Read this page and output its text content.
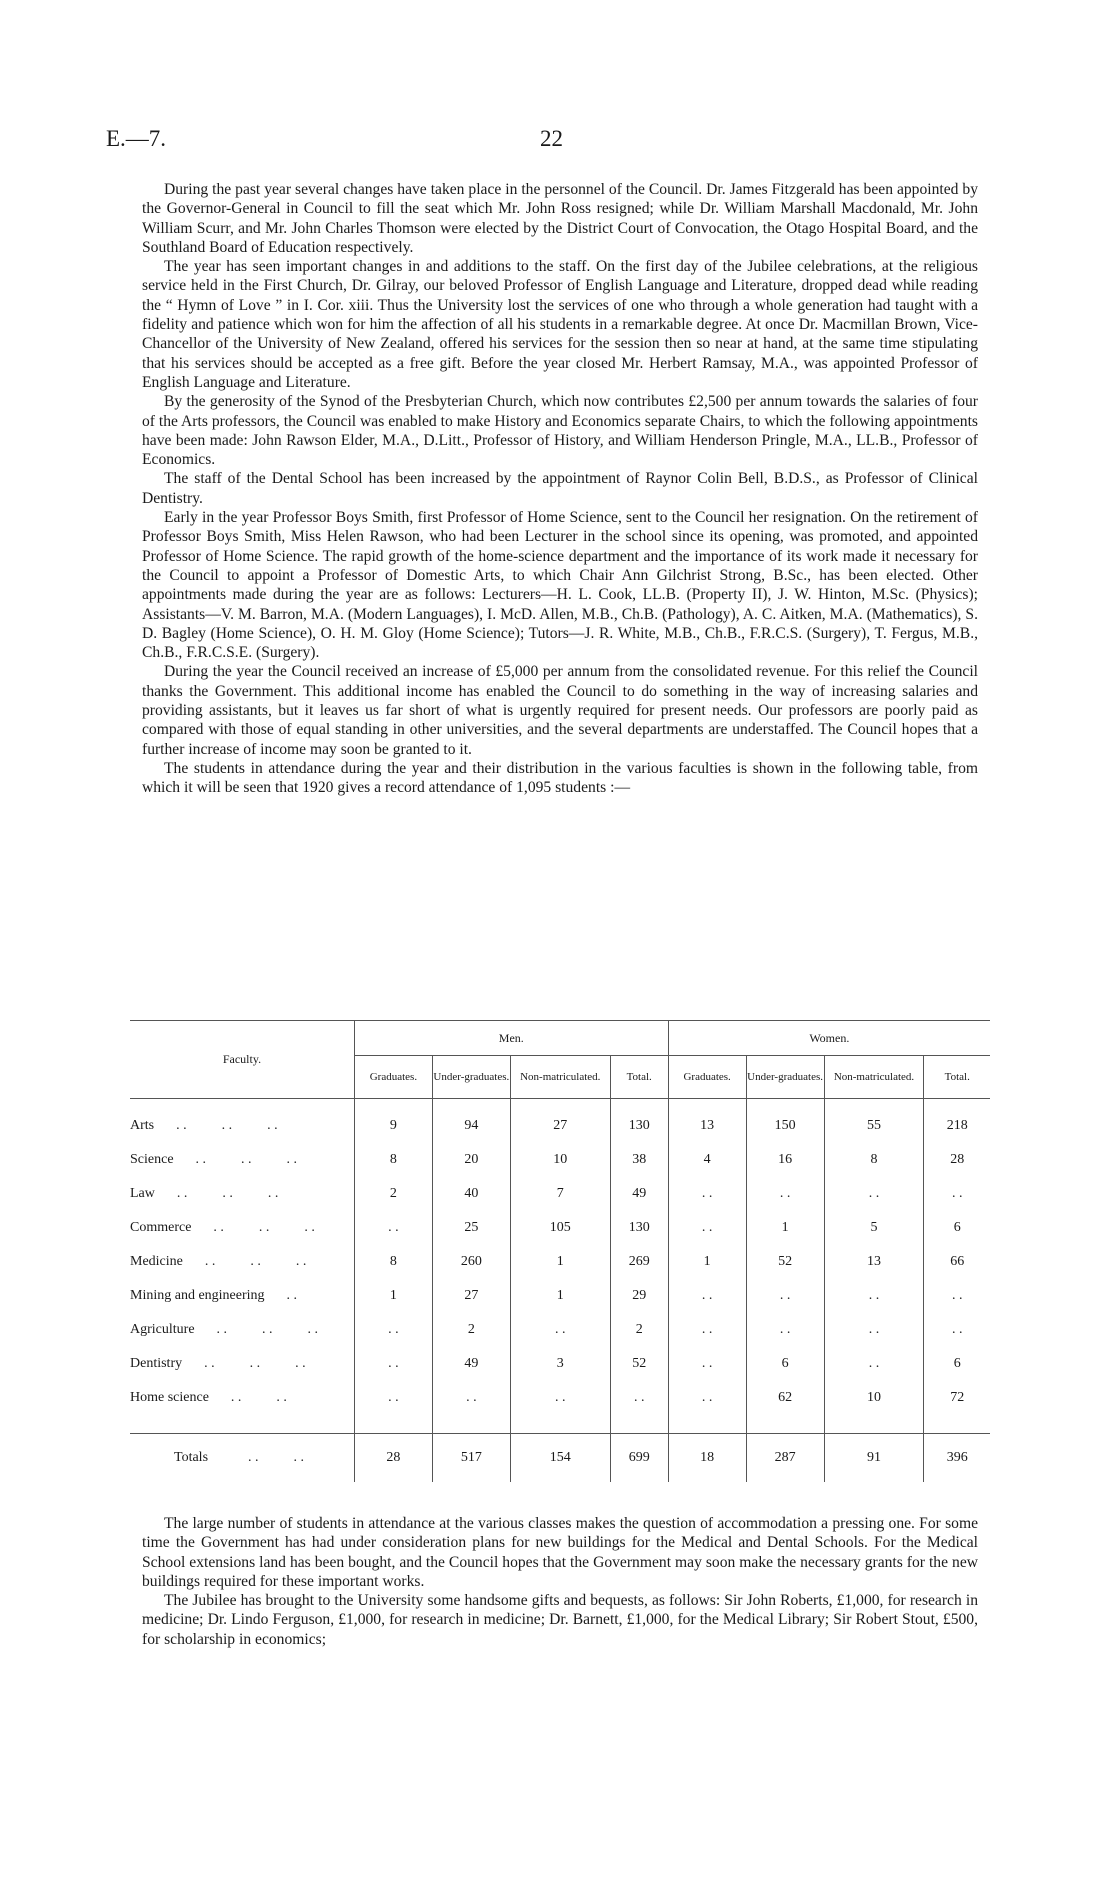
E.—7.	22

During the past year several changes have taken place in the personnel of the Council. Dr. James Fitzgerald has been appointed by the Governor-General in Council to fill the seat which Mr. John Ross resigned; while Dr. William Marshall Macdonald, Mr. John William Scurr, and Mr. John Charles Thomson were elected by the District Court of Convocation, the Otago Hospital Board, and the Southland Board of Education respectively.

The year has seen important changes in and additions to the staff. On the first day of the Jubilee celebrations, at the religious service held in the First Church, Dr. Gilray, our beloved Professor of English Language and Literature, dropped dead while reading the “ Hymn of Love ” in I. Cor. xiii. Thus the University lost the services of one who through a whole generation had taught with a fidelity and patience which won for him the affection of all his students in a remarkable degree. At once Dr. Macmillan Brown, Vice-Chancellor of the University of New Zealand, offered his services for the session then so near at hand, at the same time stipulating that his services should be accepted as a free gift. Before the year closed Mr. Herbert Ramsay, M.A., was appointed Professor of English Language and Literature.

By the generosity of the Synod of the Presbyterian Church, which now contributes £2,500 per annum towards the salaries of four of the Arts professors, the Council was enabled to make History and Economics separate Chairs, to which the following appointments have been made: John Rawson Elder, M.A., D.Litt., Professor of History, and William Henderson Pringle, M.A., LL.B., Professor of Economics.

The staff of the Dental School has been increased by the appointment of Raynor Colin Bell, B.D.S., as Professor of Clinical Dentistry.

Early in the year Professor Boys Smith, first Professor of Home Science, sent to the Council her resignation. On the retirement of Professor Boys Smith, Miss Helen Rawson, who had been Lecturer in the school since its opening, was promoted, and appointed Professor of Home Science. The rapid growth of the home-science department and the importance of its work made it necessary for the Council to appoint a Professor of Domestic Arts, to which Chair Ann Gilchrist Strong, B.Sc., has been elected. Other appointments made during the year are as follows: Lecturers—H. L. Cook, LL.B. (Property II), J. W. Hinton, M.Sc. (Physics); Assistants—V. M. Barron, M.A. (Modern Languages), I. McD. Allen, M.B., Ch.B. (Pathology), A. C. Aitken, M.A. (Mathematics), S. D. Bagley (Home Science), O. H. M. Gloy (Home Science); Tutors—J. R. White, M.B., Ch.B., F.R.C.S. (Surgery), T. Fergus, M.B., Ch.B., F.R.C.S.E. (Surgery).

During the year the Council received an increase of £5,000 per annum from the consolidated revenue. For this relief the Council thanks the Government. This additional income has enabled the Council to do something in the way of increasing salaries and providing assistants, but it leaves us far short of what is urgently required for present needs. Our professors are poorly paid as compared with those of equal standing in other universities, and the several departments are understaffed. The Council hopes that a further increase of income may soon be granted to it.

The students in attendance during the year and their distribution in the various faculties is shown in the following table, from which it will be seen that 1920 gives a record attendance of 1,095 students :—

Faculty.	Men.				Women.			
	Graduates.	Under-graduates.	Non-matriculated.	Total.	Graduates.	Under-graduates.	Non-matriculated.	Total.
Arts . .          . .          . .	9	94	27	130	13	150	55	218
Science . .          . .          . .	8	20	10	38	4	16	8	28
Law . .          . .          . .	2	40	7	49	. .	. .	. .	. .
Commerce . .          . .          . .	. .	25	105	130	. .	1	5	6
Medicine . .          . .          . .	8	260	1	269	1	52	13	66
Mining and engineering . .	1	27	1	29	. .	. .	. .	. .
Agriculture . .          . .          . .	. .	2	. .	2	. .	. .	. .	. .
Dentistry . .          . .          . .	. .	49	3	52	. .	6	. .	6
Home science . .          . .	. .	. .	. .	. .	. .	62	10	72

Totals . .          . .	28	517	154	699	18	287	91	396

The large number of students in attendance at the various classes makes the question of accommodation a pressing one. For some time the Government has had under consideration plans for new buildings for the Medical and Dental Schools. For the Medical School extensions land has been bought, and the Council hopes that the Government may soon make the necessary grants for the new buildings required for these important works.

The Jubilee has brought to the University some handsome gifts and bequests, as follows: Sir John Roberts, £1,000, for research in medicine; Dr. Lindo Ferguson, £1,000, for research in medicine; Dr. Barnett, £1,000, for the Medical Library; Sir Robert Stout, £500, for scholarship in economics;
